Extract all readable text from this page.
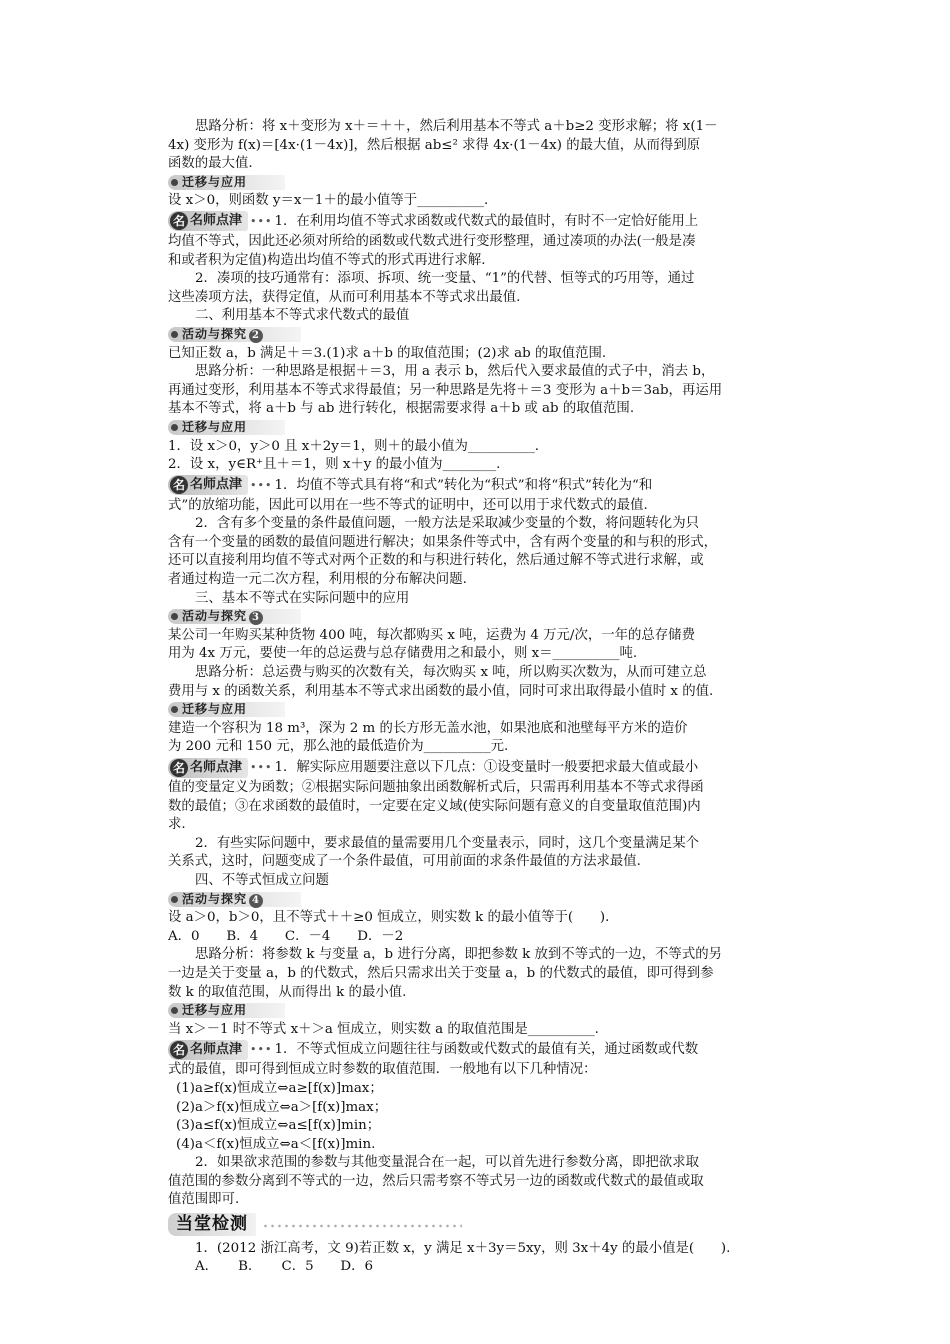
思路分析：将 x＋变形为 x＋＝＋＋，然后利用基本不等式 a＋b≥2 变形求解；将 x(1－
4x) 变形为 f(x)＝[4x·(1－4x)]，然后根据 ab≤² 求得 4x·(1－4x) 的最大值，从而得到原
函数的最大值.
迁移与应用
设 x＞0，则函数 y＝x－1＋的最小值等于__________.
名 名师点津 ••• 1．在利用均值不等式求函数或代数式的最值时，有时不一定恰好能用上
均值不等式，因此还必须对所给的函数或代数式进行变形整理，通过凑项的办法(一般是凑
和或者积为定值)构造出均值不等式的形式再进行求解.
2．凑项的技巧通常有：添项、拆项、统一变量、“1”的代替、恒等式的巧用等，通过
这些凑项方法，获得定值，从而可利用基本不等式求出最值.
二、利用基本不等式求代数式的最值
活动与探究 2
已知正数 a，b 满足＋＝3.(1)求 a＋b 的取值范围；(2)求 ab 的取值范围.
思路分析：一种思路是根据＋＝3，用 a 表示 b，然后代入要求最值的式子中，消去 b，
再通过变形，利用基本不等式求得最值；另一种思路是先将＋＝3 变形为 a＋b＝3ab，再运用
基本不等式，将 a＋b 与 ab 进行转化，根据需要求得 a＋b 或 ab 的取值范围.
迁移与应用
1．设 x＞0，y＞0 且 x＋2y＝1，则＋的最小值为__________.
2．设 x，y∈R⁺且＋＝1，则 x＋y 的最小值为________.
名 名师点津 ••• 1．均值不等式具有将“和式”转化为“积式”和将“积式”转化为“和
式”的放缩功能，因此可以用在一些不等式的证明中，还可以用于求代数式的最值.
2．含有多个变量的条件最值问题，一般方法是采取减少变量的个数，将问题转化为只
含有一个变量的函数的最值问题进行解决；如果条件等式中，含有两个变量的和与积的形式，
还可以直接利用均值不等式对两个正数的和与积进行转化，然后通过解不等式进行求解，或
者通过构造一元二次方程，利用根的分布解决问题.
三、基本不等式在实际问题中的应用
活动与探究 3
某公司一年购买某种货物 400 吨，每次都购买 x 吨，运费为 4 万元/次，一年的总存储费
用为 4x 万元，要使一年的总运费与总存储费用之和最小，则 x＝__________吨.
思路分析：总运费与购买的次数有关，每次购买 x 吨，所以购买次数为，从而可建立总
费用与 x 的函数关系，利用基本不等式求出函数的最小值，同时可求出取得最小值时 x 的值.
迁移与应用
建造一个容积为 18 m³，深为 2 m 的长方形无盖水池，如果池底和池壁每平方米的造价
为 200 元和 150 元，那么池的最低造价为__________元.
名 名师点津 ••• 1．解实际应用题要注意以下几点：①设变量时一般要把求最大值或最小
值的变量定义为函数；②根据实际问题抽象出函数解析式后，只需再利用基本不等式求得函
数的最值；③在求函数的最值时，一定要在定义域(使实际问题有意义的自变量取值范围)内
求.
2．有些实际问题中，要求最值的量需要用几个变量表示，同时，这几个变量满足某个
关系式，这时，问题变成了一个条件最值，可用前面的求条件最值的方法求最值.
四、不等式恒成立问题
活动与探究 4
设 a＞0，b＞0，且不等式＋＋≥0 恒成立，则实数 k 的最小值等于(　　).
A．0　　B．4　　C．－4　　D．－2
思路分析：将参数 k 与变量 a，b 进行分离，即把参数 k 放到不等式的一边，不等式的另
一边是关于变量 a，b 的代数式，然后只需求出关于变量 a，b 的代数式的最值，即可得到参
数 k 的取值范围，从而得出 k 的最小值.
迁移与应用
当 x＞－1 时不等式 x＋＞a 恒成立，则实数 a 的取值范围是__________.
名 名师点津 ••• 1．不等式恒成立问题往往与函数或代数式的最值有关，通过函数或代数
式的最值，即可得到恒成立时参数的取值范围．一般地有以下几种情况：
(1)a≥f(x)恒成立⇔a≥[f(x)]max；
(2)a＞f(x)恒成立⇔a＞[f(x)]max；
(3)a≤f(x)恒成立⇔a≤[f(x)]min；
(4)a＜f(x)恒成立⇔a＜[f(x)]min.
2．如果欲求范围的参数与其他变量混合在一起，可以首先进行参数分离，即把欲求取
值范围的参数分离到不等式的一边，然后只需考察不等式另一边的函数或代数式的最值或取
值范围即可.
当堂检测
1．(2012 浙江高考，文 9)若正数 x，y 满足 x＋3y＝5xy，则 3x＋4y 的最小值是(　　).
A．　　B．　　C．5　　D．6
